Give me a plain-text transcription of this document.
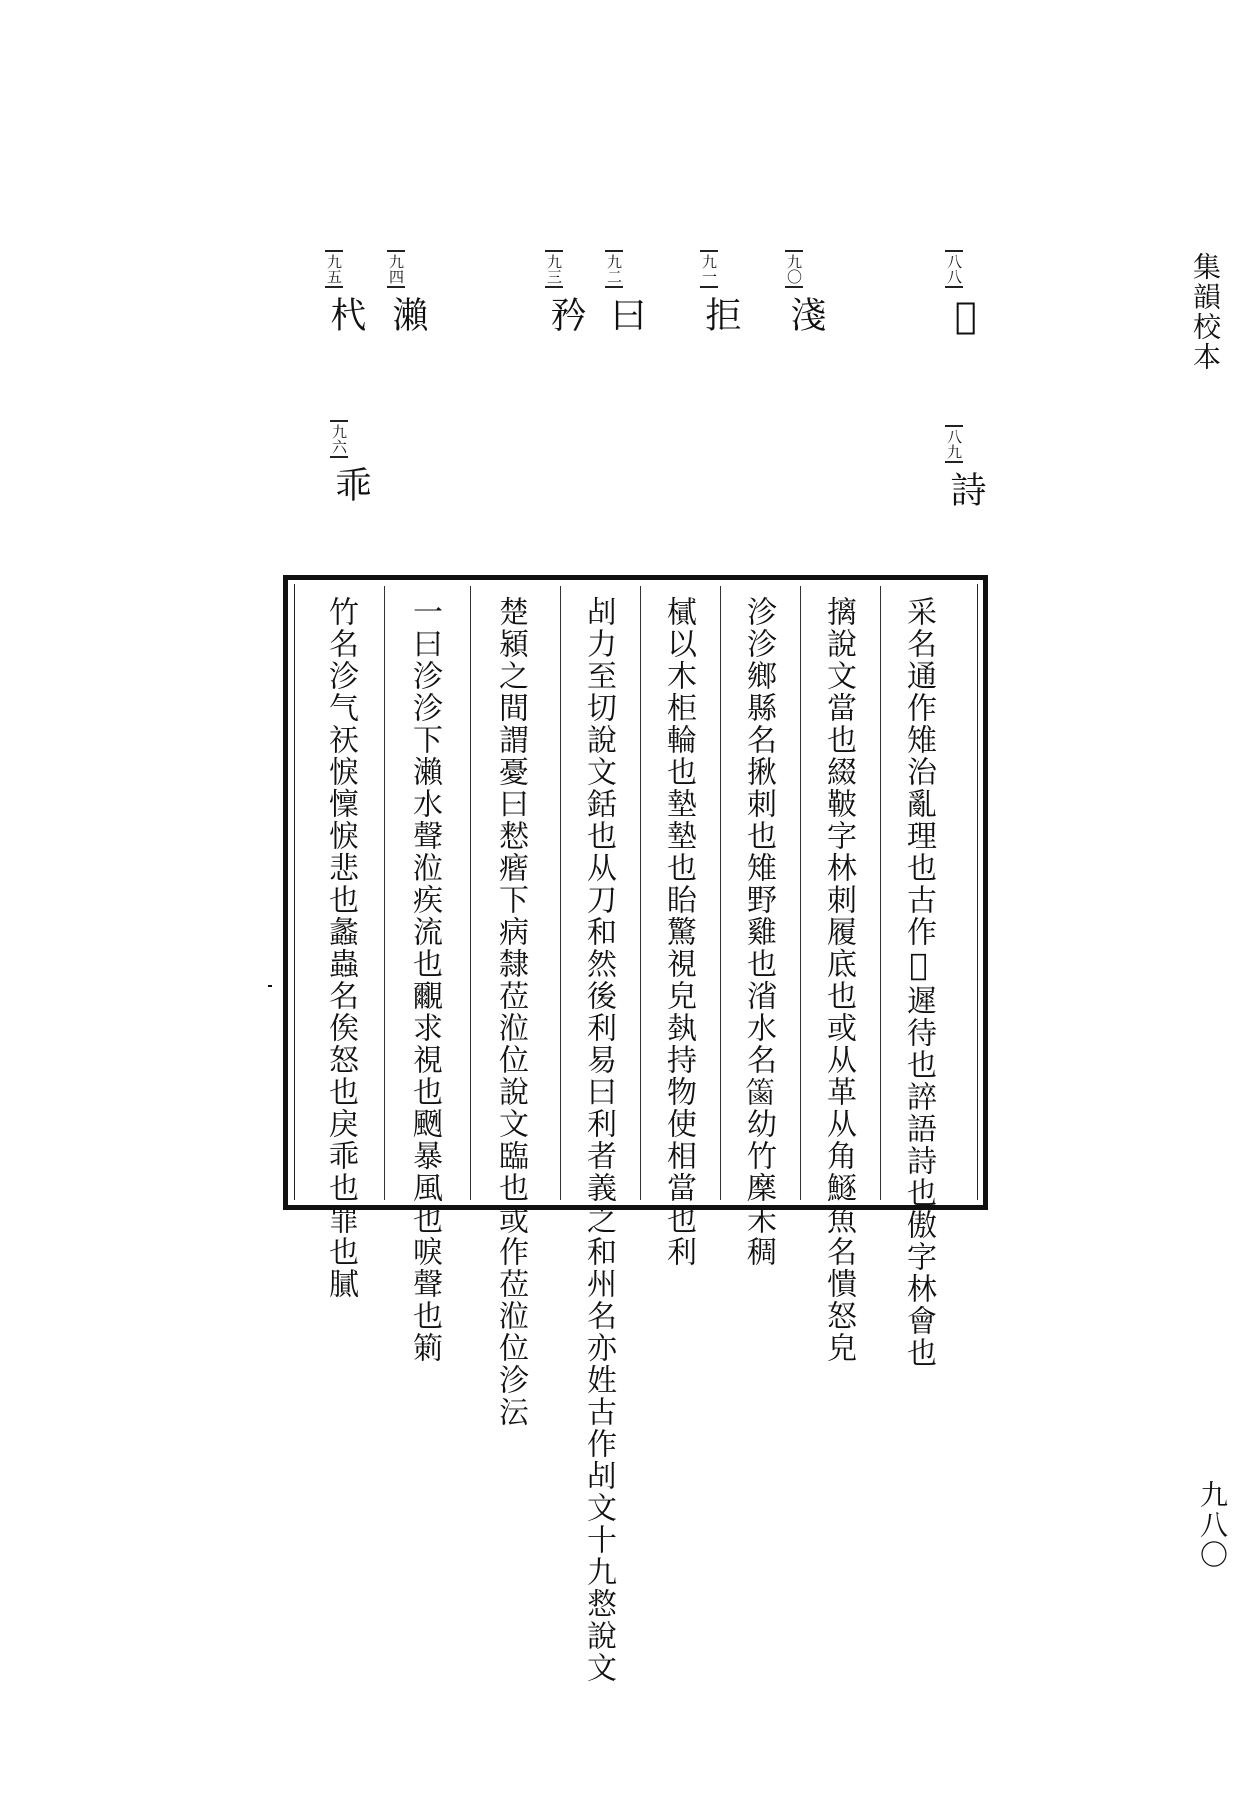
集韻校本
九八〇
八八
𤔫
八九
詩
九〇
淺
九一
拒
九二
曰
九三
矜
九四
瀨
九五
杙
九六
乖
采名通作雉治亂理也古作𤔫遲待也誶語詩也傲字林會也
摛說文當也綴鞁字林刺履底也或从革从角鱁魚名憒怒皃
沴沴鄉縣名揪刺也雉野雞也渻水名𥱾幼竹穈禾稠
樲以木柜輪也墊墊也眙驚視皃埶持物使相當也利
㓠力至切說文銛也从刀和然後利易曰利者義之和州名亦姓古作㓠文十九慦說文
楚潁之間謂憂曰慭㾬下病隸莅涖位說文臨也或作莅涖位沴沄
一曰沴沴下瀨水聲涖疾流也覼求視也颲暴風也唳聲也箣
竹名沴气祆悷懍悷悲也蠡蟲名俟怒也戾乖也罪也膩
